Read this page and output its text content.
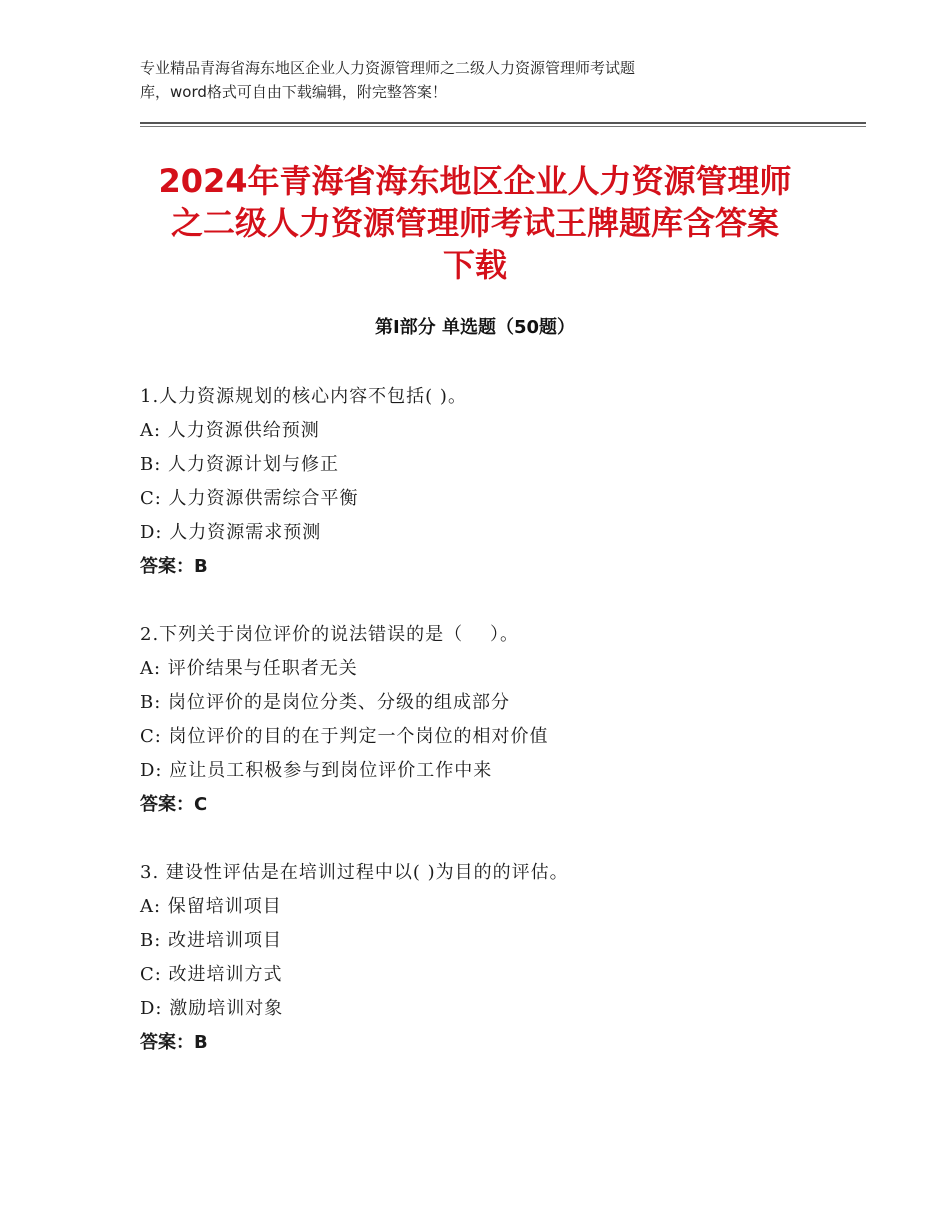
专业精品青海省海东地区企业人力资源管理师之二级人力资源管理师考试题

库，word格式可自由下载编辑，附完整答案！

2024年青海省海东地区企业人力资源管理师
之二级人力资源管理师考试王牌题库含答案
下载
第Ⅰ部分 单选题（50题）

1.人力资源规划的核心内容不包括( )。

A: 人力资源供给预测

B: 人力资源计划与修正

C: 人力资源供需综合平衡

D: 人力资源需求预测

答案：B

2.下列关于岗位评价的说法错误的是（    ）。

A: 评价结果与任职者无关

B: 岗位评价的是岗位分类、分级的组成部分

C: 岗位评价的目的在于判定一个岗位的相对价值

D: 应让员工积极参与到岗位评价工作中来

答案：C

3. 建设性评估是在培训过程中以( )为目的的评估。

A: 保留培训项目

B: 改进培训项目

C: 改进培训方式

D: 激励培训对象

答案：B
